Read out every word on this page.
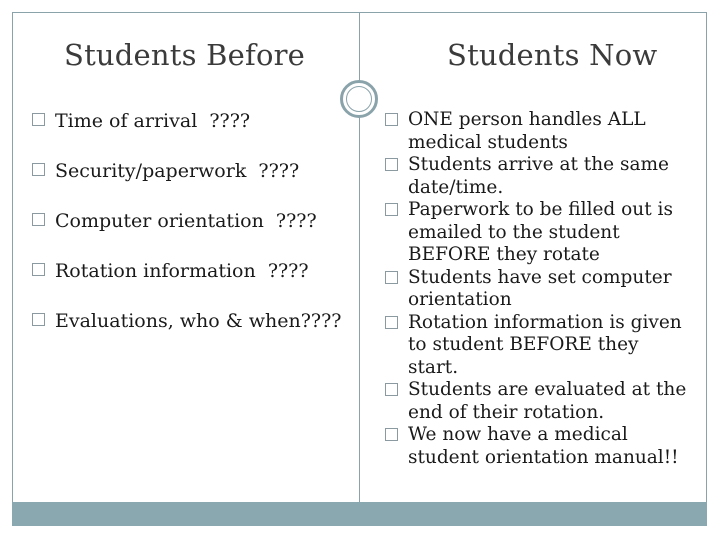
Students Before	Students Now
Time of arrival  ????
Security/paperwork  ????
Computer orientation  ????
Rotation information  ????
Evaluations, who & when????
ONE person handles ALL medical students
Students arrive at the same date/time.
Paperwork to be filled out is emailed to the student BEFORE they rotate
Students have set computer orientation
Rotation information is given to student BEFORE they start.
Students are evaluated at the end of their rotation.
We now have a medical student orientation manual!!
